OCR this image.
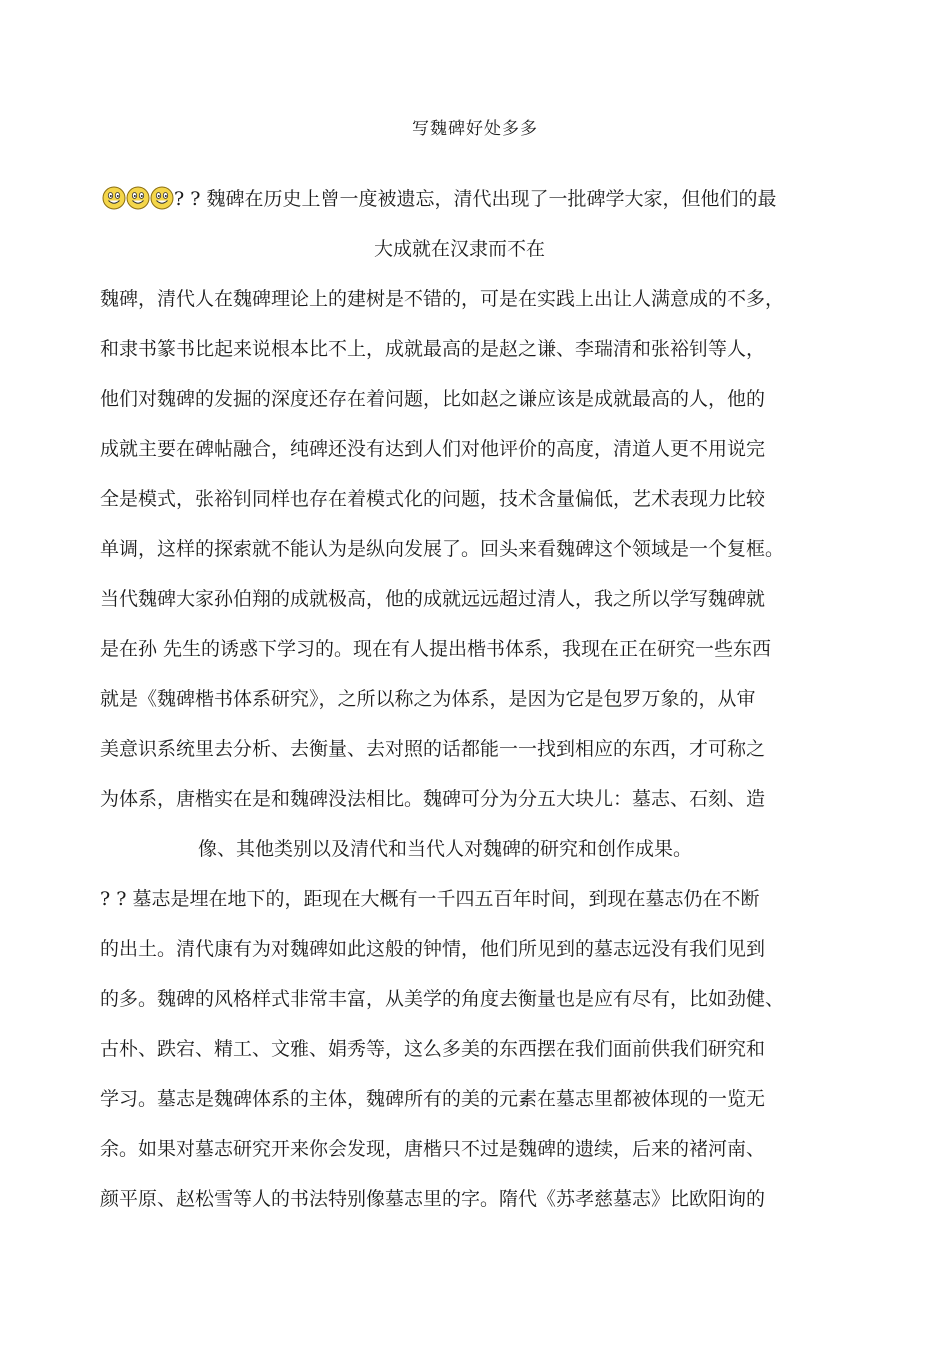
写魏碑好处多多
? ? 魏碑在历史上曾一度被遗忘，清代出现了一批碑学大家，但他们的最
大成就在汉隶而不在
魏碑，清代人在魏碑理论上的建树是不错的，可是在实践上出让人满意成的不多，
和隶书篆书比起来说根本比不上，成就最高的是赵之谦、李瑞清和张裕钊等人，
他们对魏碑的发掘的深度还存在着问题，比如赵之谦应该是成就最高的人，他的
成就主要在碑帖融合，纯碑还没有达到人们对他评价的高度，清道人更不用说完
全是模式，张裕钊同样也存在着模式化的问题，技术含量偏低，艺术表现力比较
单调，这样的探索就不能认为是纵向发展了。回头来看魏碑这个领域是一个复框。
当代魏碑大家孙伯翔的成就极高，他的成就远远超过清人，我之所以学写魏碑就
是在孙 先生的诱惑下学习的。现在有人提出楷书体系，我现在正在研究一些东西
就是《魏碑楷书体系研究》，之所以称之为体系，是因为它是包罗万象的，从审
美意识系统里去分析、去衡量、去对照的话都能一一找到相应的东西，才可称之
为体系，唐楷实在是和魏碑没法相比。魏碑可分为分五大块儿：墓志、石刻、造
像、其他类别以及清代和当代人对魏碑的研究和创作成果。
? ? 墓志是埋在地下的，距现在大概有一千四五百年时间，到现在墓志仍在不断
的出土。清代康有为对魏碑如此这般的钟情，他们所见到的墓志远没有我们见到
的多。魏碑的风格样式非常丰富，从美学的角度去衡量也是应有尽有，比如劲健、
古朴、跌宕、精工、文雅、娟秀等，这么多美的东西摆在我们面前供我们研究和
学习。墓志是魏碑体系的主体，魏碑所有的美的元素在墓志里都被体现的一览无
余。如果对墓志研究开来你会发现，唐楷只不过是魏碑的遗续，后来的褚河南、
颜平原、赵松雪等人的书法特别像墓志里的字。隋代《苏孝慈墓志》比欧阳询的
